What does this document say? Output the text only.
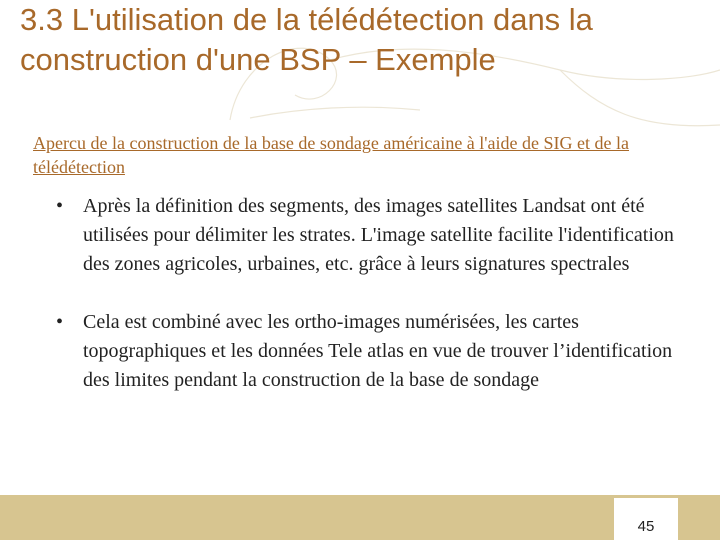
3.3 L'utilisation de la télédétection dans la construction d'une BSP – Exemple

Apercu de la construction de la base de sondage américaine à l'aide de SIG et de la télédétection

• Après la définition des segments, des images satellites Landsat ont été utilisées pour délimiter les strates. L'image satellite facilite l'identification des zones agricoles, urbaines, etc. grâce à leurs signatures spectrales
• Cela est combiné avec les ortho-images numérisées, les cartes topographiques et les données Tele atlas en vue de trouver l’identification des limites pendant la construction de la base de sondage
45
